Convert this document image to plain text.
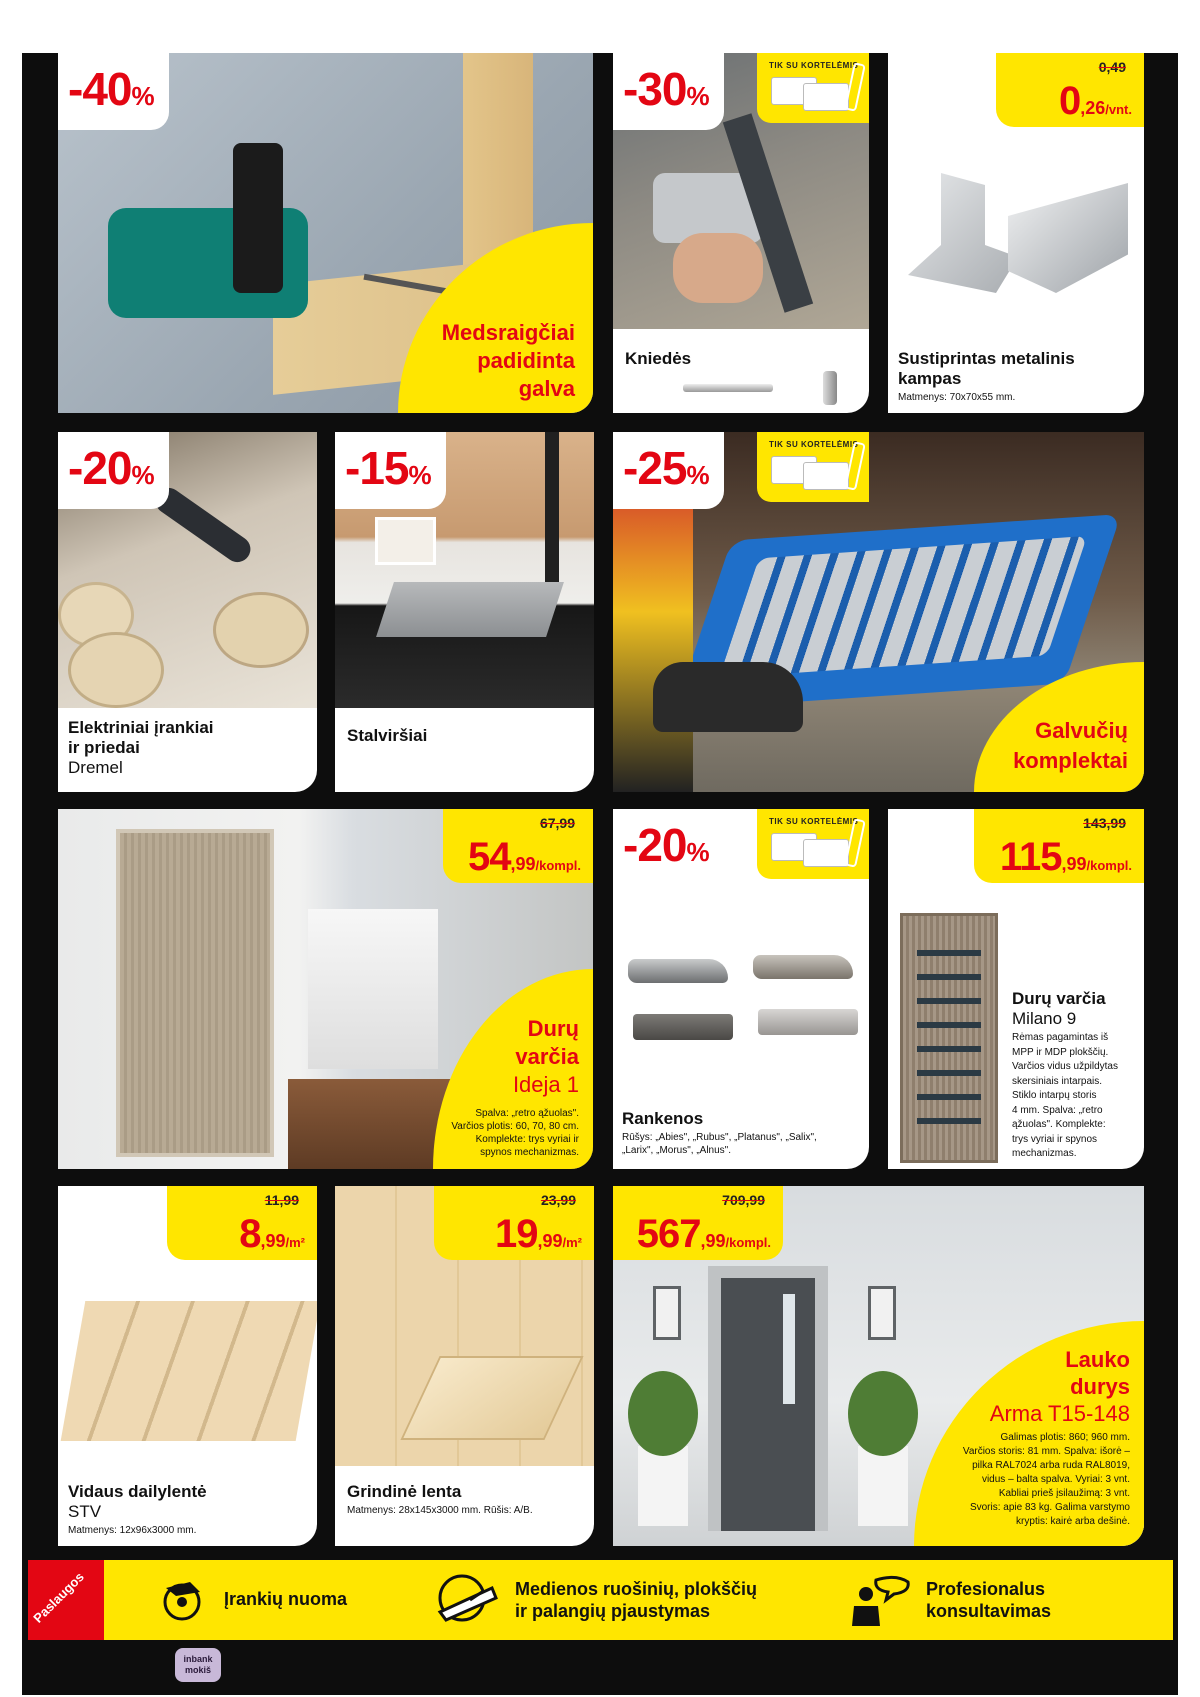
-40%
Medsraigčiai
padidinta
galva
-30%
TIK SU KORTELĖMIS
Kniedės
0,49
0,26/vnt.
Sustiprintas metalinis kampas
Matmenys: 70x70x55 mm.
-20%
Elektriniai įrankiai
ir priedai
Dremel
-15%
Stalviršiai
-25%
TIK SU KORTELĖMIS
Galvučių
komplektai
67,99
54,99/kompl.
Durų
varčia
Ideja 1
Spalva: „retro ąžuolas".
Varčios plotis: 60, 70, 80 cm.
Komplekte: trys vyriai ir
spynos mechanizmas.
-20%
TIK SU KORTELĖMIS
Rankenos
Rūšys: „Abies", „Rubus", „Platanus", „Salix",
„Larix", „Morus", „Alnus".
143,99
115,99/kompl.
Durų varčia
Milano 9
Rėmas pagamintas iš
MPP ir MDP plokščių.
Varčios vidus užpildytas
skersiniais intarpais.
Stiklo intarpų storis
4 mm. Spalva: „retro
ąžuolas". Komplekte:
trys vyriai ir spynos
mechanizmas.
11,99
8,99/m²
Vidaus dailylentė
STV
Matmenys: 12x96x3000 mm.
23,99
19,99/m²
Grindinė lenta
Matmenys: 28x145x3000 mm. Rūšis: A/B.
709,99
567,99/kompl.
Lauko
durys
Arma T15-148
Galimas plotis: 860; 960 mm.
Varčios storis: 81 mm. Spalva: išorė –
pilka RAL7024 arba ruda RAL8019,
vidus – balta spalva. Vyriai: 3 vnt.
Kabliai prieš įsilaužimą: 3 vnt.
Svoris: apie 83 kg. Galima varstymo
kryptis: kairė arba dešinė.
Paslaugos	Įrankių nuoma	Medienos ruošinių, plokščių
ir palangių pjaustymas
Profesionalus
konsultavimas
inbank
mokiš
